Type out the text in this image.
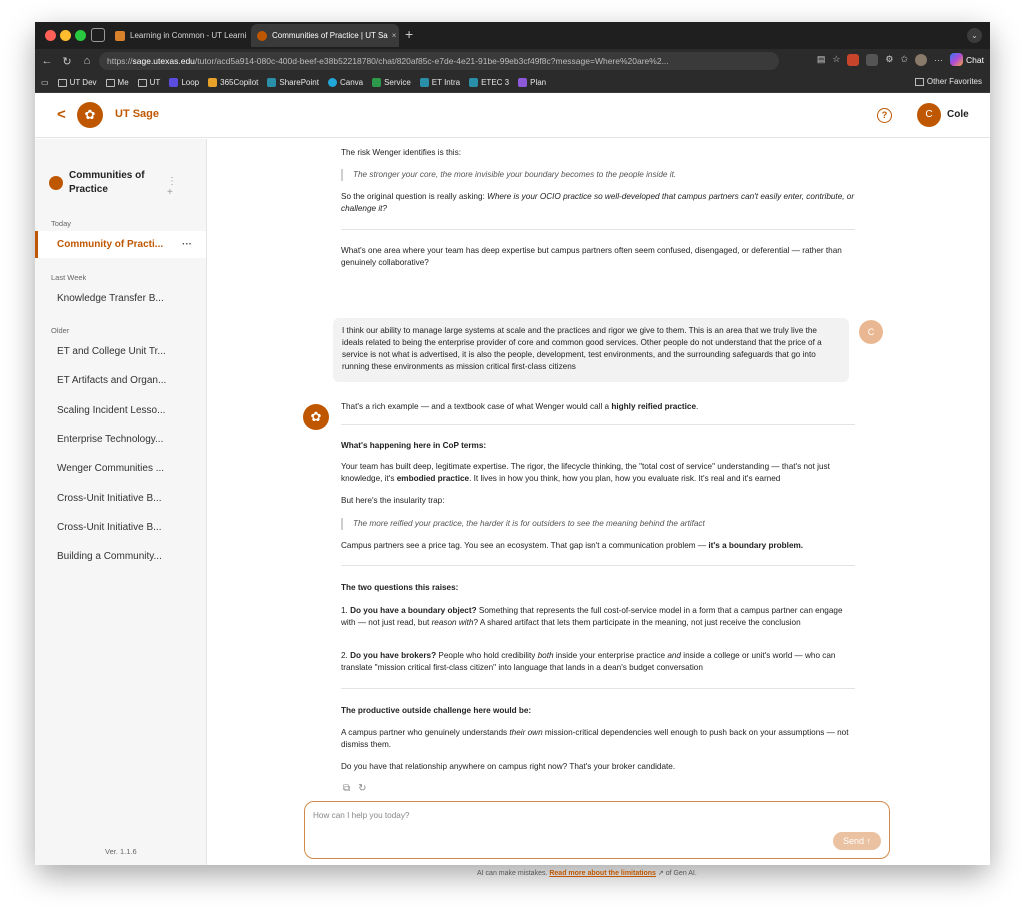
Learning in Common - UT Learni	Communities of Practice | UT Sa × +	⌄
← ↻	⌂	https:// sage.utexas.edu /tutor/acd5a914-080c-400d-beef-e38b52218780/chat/820af85c-e7de-4e21-91be-99eb3cf49f8c?message=Where%20are%2...	▤ ☆	⚙ ✩	···	Chat
▭	UT Dev	Me	UT	Loop	365Copilot	SharePoint	Canva	Service	ET Intra	ETEC 3	Plan	Other Favorites
<	✿	UT Sage	?	C	Cole
Communities of Practice
⋮ +
Today
Community of Practi... ···
Last Week
Knowledge Transfer B...
Older
ET and College Unit Tr...
ET Artifacts and Organ...
Scaling Incident Lesso...
Enterprise Technology...
Wenger Communities ...
Cross-Unit Initiative B...
Cross-Unit Initiative B...
Building a Community...
Ver. 1.1.6

The risk Wenger identifies is this:

The stronger your core, the more invisible your boundary becomes to the people inside it.

So the original question is really asking: Where is your OCIO practice so well-developed that campus partners can't easily enter, contribute, or challenge it?

What's one area where your team has deep expertise but campus partners often seem confused, disengaged, or deferential — rather than genuinely collaborative?

I think our ability to manage large systems at scale and the practices and rigor we give to them. This is an area that we truly live the ideals related to being the enterprise provider of core and common good services. Other people do not understand that the price of a service is not what is advertised, it is also the people, development, test environments, and the surrounding safeguards that go into running these environments as mission critical first-class citizens
C
✿

That's a rich example — and a textbook case of what Wenger would call a highly reified practice.

What's happening here in CoP terms:

Your team has built deep, legitimate expertise. The rigor, the lifecycle thinking, the "total cost of service" understanding — that's not just knowledge, it's embodied practice. It lives in how you think, how you plan, how you evaluate risk. It's real and it's earned

But here's the insularity trap:

The more reified your practice, the harder it is for outsiders to see the meaning behind the artifact

Campus partners see a price tag. You see an ecosystem. That gap isn't a communication problem — it's a boundary problem.

The two questions this raises:

1. Do you have a boundary object? Something that represents the full cost-of-service model in a form that a campus partner can engage with — not just read, but reason with? A shared artifact that lets them participate in the meaning, not just receive the conclusion

2. Do you have brokers? People who hold credibility both inside your enterprise practice and inside a college or unit's world — who can translate "mission critical first-class citizen" into language that lands in a dean's budget conversation

The productive outside challenge here would be:

A campus partner who genuinely understands their own mission-critical dependencies well enough to push back on your assumptions — not dismiss them.

Do you have that relationship anywhere on campus right now? That's your broker candidate.

⧉ ↻
How can I help you today?
Send ↑
AI can make mistakes. Read more about the limitations ↗ of Gen AI.
